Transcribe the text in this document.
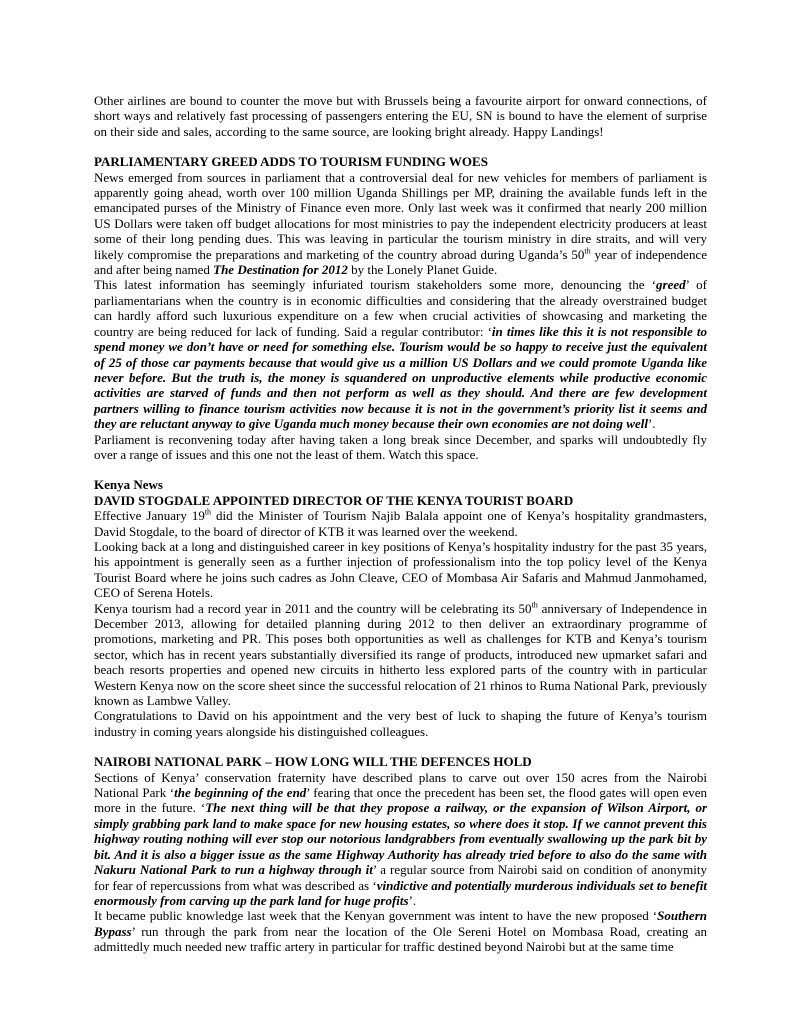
Other airlines are bound to counter the move but with Brussels being a favourite airport for onward connections, of short ways and relatively fast processing of passengers entering the EU, SN is bound to have the element of surprise on their side and sales, according to the same source, are looking bright already. Happy Landings!

PARLIAMENTARY GREED ADDS TO TOURISM FUNDING WOES

News emerged from sources in parliament that a controversial deal for new vehicles for members of parliament is apparently going ahead, worth over 100 million Uganda Shillings per MP, draining the available funds left in the emancipated purses of the Ministry of Finance even more. Only last week was it confirmed that nearly 200 million US Dollars were taken off budget allocations for most ministries to pay the independent electricity producers at least some of their long pending dues. This was leaving in particular the tourism ministry in dire straits, and will very likely compromise the preparations and marketing of the country abroad during Uganda’s 50th year of independence and after being named The Destination for 2012 by the Lonely Planet Guide.

This latest information has seemingly infuriated tourism stakeholders some more, denouncing the ‘greed’ of parliamentarians when the country is in economic difficulties and considering that the already overstrained budget can hardly afford such luxurious expenditure on a few when crucial activities of showcasing and marketing the country are being reduced for lack of funding. Said a regular contributor: ‘in times like this it is not responsible to spend money we don’t have or need for something else. Tourism would be so happy to receive just the equivalent of 25 of those car payments because that would give us a million US Dollars and we could promote Uganda like never before. But the truth is, the money is squandered on unproductive elements while productive economic activities are starved of funds and then not perform as well as they should. And there are few development partners willing to finance tourism activities now because it is not in the government’s priority list it seems and they are reluctant anyway to give Uganda much money because their own economies are not doing well’.

Parliament is reconvening today after having taken a long break since December, and sparks will undoubtedly fly over a range of issues and this one not the least of them. Watch this space.

Kenya News

DAVID STOGDALE APPOINTED DIRECTOR OF THE KENYA TOURIST BOARD

Effective January 19th did the Minister of Tourism Najib Balala appoint one of Kenya’s hospitality grandmasters, David Stogdale, to the board of director of KTB it was learned over the weekend.

Looking back at a long and distinguished career in key positions of Kenya’s hospitality industry for the past 35 years, his appointment is generally seen as a further injection of professionalism into the top policy level of the Kenya Tourist Board where he joins such cadres as John Cleave, CEO of Mombasa Air Safaris and Mahmud Janmohamed, CEO of Serena Hotels.

Kenya tourism had a record year in 2011 and the country will be celebrating its 50th anniversary of Independence in December 2013, allowing for detailed planning during 2012 to then deliver an extraordinary programme of promotions, marketing and PR. This poses both opportunities as well as challenges for KTB and Kenya’s tourism sector, which has in recent years substantially diversified its range of products, introduced new upmarket safari and beach resorts properties and opened new circuits in hitherto less explored parts of the country with in particular Western Kenya now on the score sheet since the successful relocation of 21 rhinos to Ruma National Park, previously known as Lambwe Valley.

Congratulations to David on his appointment and the very best of luck to shaping the future of Kenya’s tourism industry in coming years alongside his distinguished colleagues.

NAIROBI NATIONAL PARK – HOW LONG WILL THE DEFENCES HOLD

Sections of Kenya’ conservation fraternity have described plans to carve out over 150 acres from the Nairobi National Park ‘the beginning of the end’ fearing that once the precedent has been set, the flood gates will open even more in the future. ‘The next thing will be that they propose a railway, or the expansion of Wilson Airport, or simply grabbing park land to make space for new housing estates, so where does it stop. If we cannot prevent this highway routing nothing will ever stop our notorious landgrabbers from eventually swallowing up the park bit by bit. And it is also a bigger issue as the same Highway Authority has already tried before to also do the same with Nakuru National Park to run a highway through it’ a regular source from Nairobi said on condition of anonymity for fear of repercussions from what was described as ‘vindictive and potentially murderous individuals set to benefit enormously from carving up the park land for huge profits’.

It became public knowledge last week that the Kenyan government was intent to have the new proposed ‘Southern Bypass’ run through the park from near the location of the Ole Sereni Hotel on Mombasa Road, creating an admittedly much needed new traffic artery in particular for traffic destined beyond Nairobi but at the same time
